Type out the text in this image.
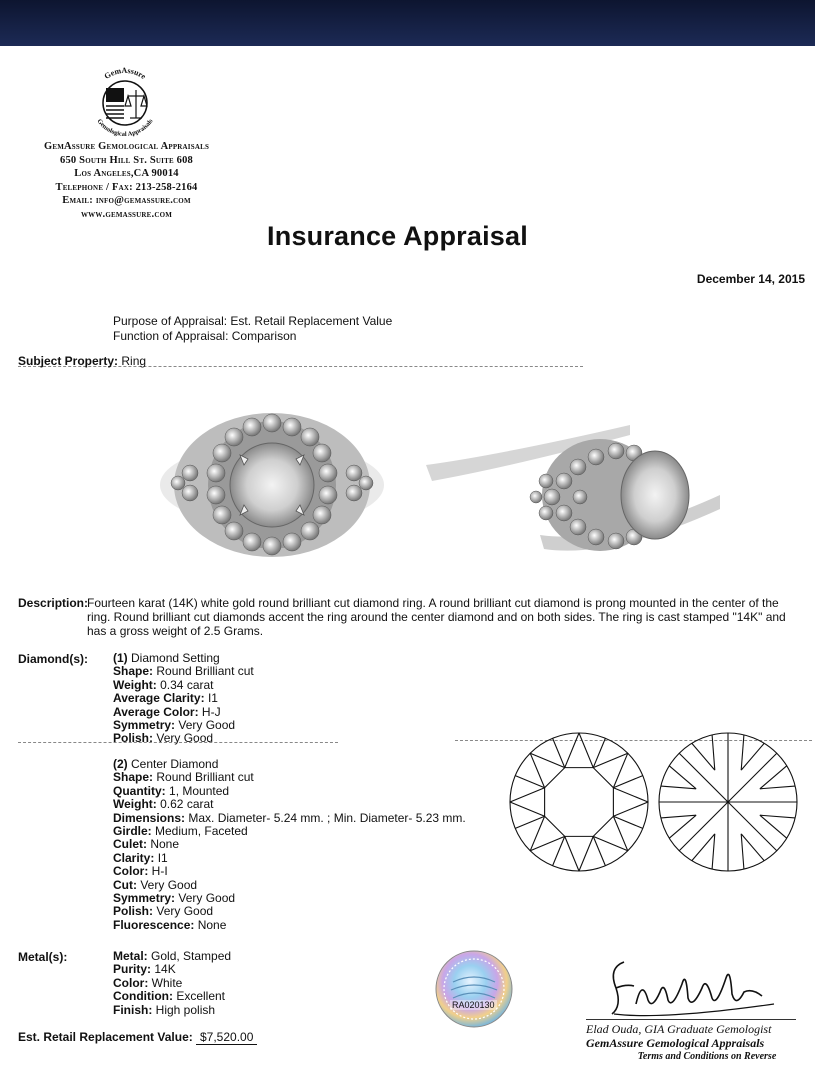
GemAssure
Gemological Appraisals
GemAssure Gemological Appraisals
650 South Hill St. Suite 608
Los Angeles,CA 90014
Telephone / Fax: 213-258-2164
Email: info@gemassure.com
www.gemassure.com
Insurance Appraisal
December 14, 2015
Purpose of Appraisal: Est. Retail Replacement Value
Function of Appraisal: Comparison
Subject Property: Ring
Description:
Fourteen karat (14K) white gold round brilliant cut diamond ring. A round brilliant cut diamond is prong mounted in the center of the ring. Round brilliant cut diamonds accent the ring around the center diamond and on both sides. The ring is cast stamped "14K" and has a gross weight of 2.5 Grams.
Diamond(s): (1) Diamond Setting
Shape: Round Brilliant cut
Weight: 0.34 carat
Average Clarity: I1
Average Color: H-J
Symmetry: Very Good
Polish: Very Good
(2) Center Diamond
Shape: Round Brilliant cut
Quantity: 1, Mounted
Weight: 0.62 carat
Dimensions: Max. Diameter- 5.24 mm. ; Min. Diameter- 5.23 mm.
Girdle: Medium, Faceted
Culet: None
Clarity: I1
Color: H-I
Cut: Very Good
Symmetry: Very Good
Polish: Very Good
Fluorescence: None
Metal(s):	Metal: Gold, Stamped
Purity: 14K
Color: White
Condition: Excellent
Finish: High polish	RA020130
Elad Ouda, GIA Graduate Gemologist
GemAssure Gemological Appraisals
Terms and Conditions on Reverse
Est. Retail Replacement Value: $7,520.00
